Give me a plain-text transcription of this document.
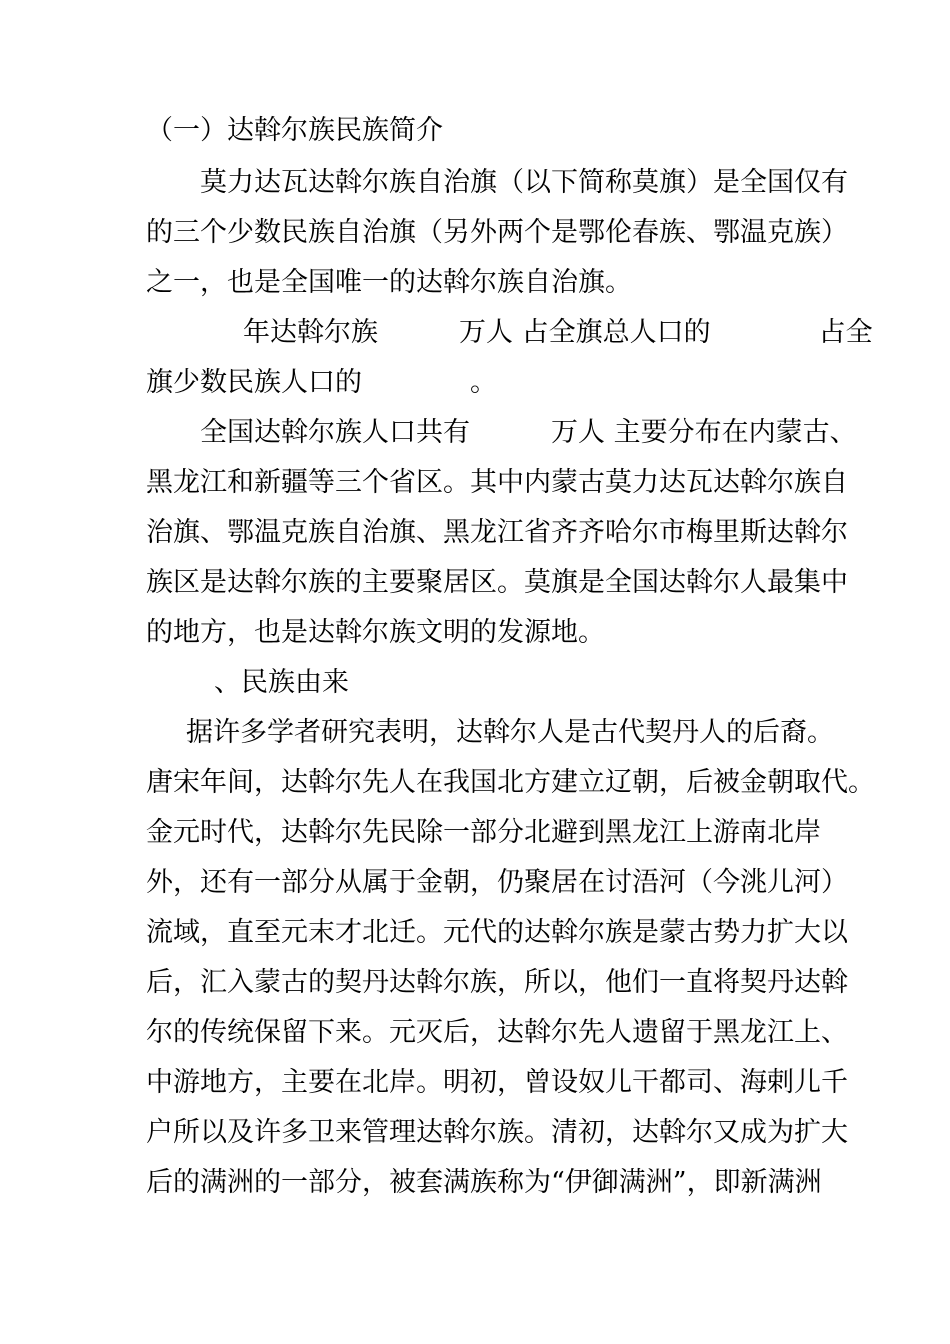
（一）达斡尔族民族简介
莫力达瓦达斡尔族自治旗（以下简称莫旗）是全国仅有
的三个少数民族自治旗（另外两个是鄂伦春族、鄂温克族）
之一，也是全国唯一的达斡尔族自治旗。
年达斡尔族　　　万人 占全旗总人口的　　　　占全
旗少数民族人口的　　　　。
全国达斡尔族人口共有　　　万人 主要分布在内蒙古、
黑龙江和新疆等三个省区。其中内蒙古莫力达瓦达斡尔族自
治旗、鄂温克族自治旗、黑龙江省齐齐哈尔市梅里斯达斡尔
族区是达斡尔族的主要聚居区。莫旗是全国达斡尔人最集中
的地方，也是达斡尔族文明的发源地。
、民族由来
据许多学者研究表明，达斡尔人是古代契丹人的后裔。
唐宋年间，达斡尔先人在我国北方建立辽朝，后被金朝取代。
金元时代，达斡尔先民除一部分北避到黑龙江上游南北岸
外，还有一部分从属于金朝，仍聚居在讨浯河（今洮儿河）
流域，直至元末才北迁。元代的达斡尔族是蒙古势力扩大以
后，汇入蒙古的契丹达斡尔族，所以，他们一直将契丹达斡
尔的传统保留下来。元灭后，达斡尔先人遗留于黑龙江上、
中游地方，主要在北岸。明初，曾设奴儿干都司、海剌儿千
户所以及许多卫来管理达斡尔族。清初，达斡尔又成为扩大
后的满洲的一部分，被套满族称为“伊御满洲”，即新满洲
